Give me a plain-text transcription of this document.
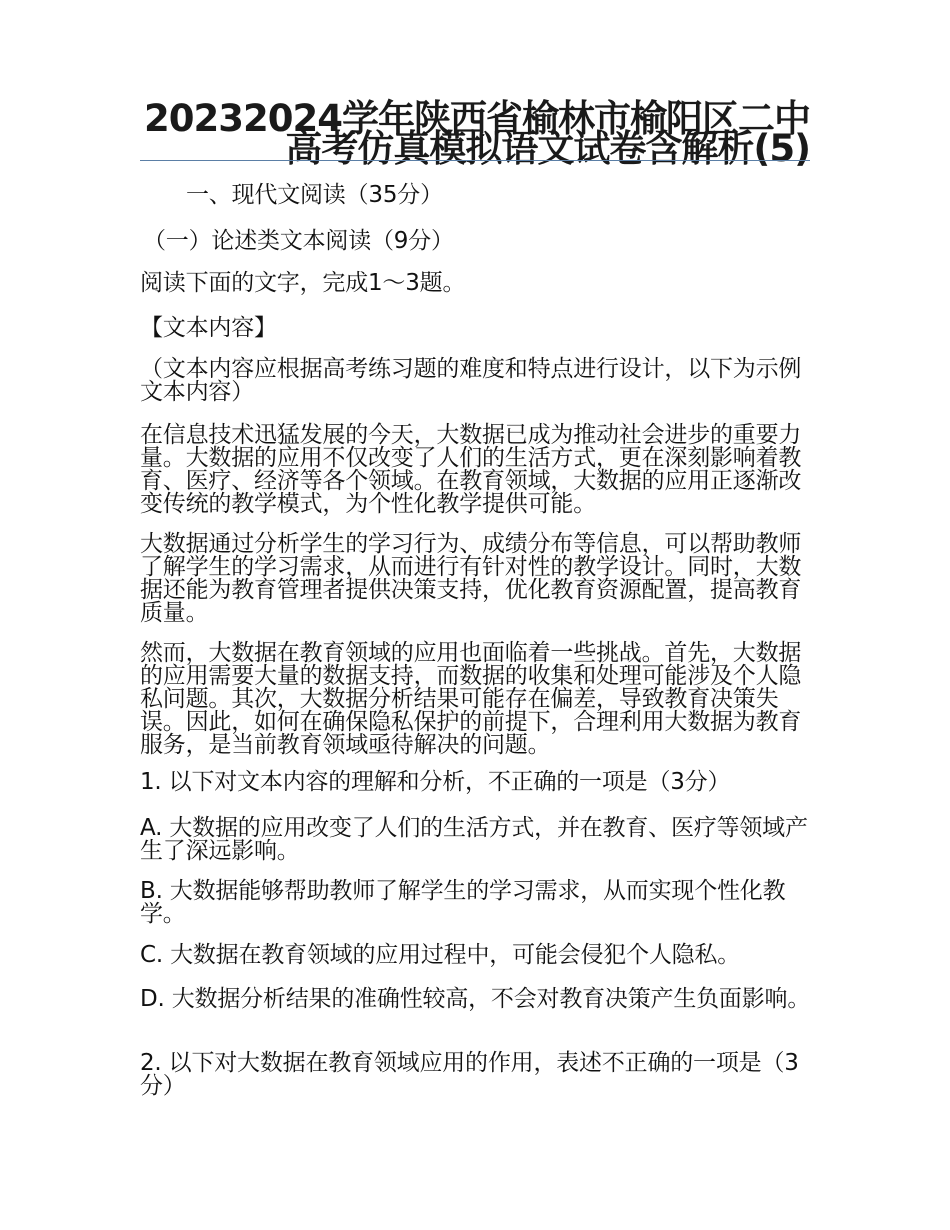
20232024学年陕西省榆林市榆阳区二中高考仿真模拟语文试卷含解析(5)

一、现代文阅读（35分）

（一）论述类文本阅读（9分）

阅读下面的文字，完成1～3题。

【文本内容】

（文本内容应根据高考练习题的难度和特点进行设计，以下为示例文本内容）

在信息技术迅猛发展的今天，大数据已成为推动社会进步的重要力量。大数据的应用不仅改变了人们的生活方式，更在深刻影响着教育、医疗、经济等各个领域。在教育领域，大数据的应用正逐渐改变传统的教学模式，为个性化教学提供可能。

大数据通过分析学生的学习行为、成绩分布等信息，可以帮助教师了解学生的学习需求，从而进行有针对性的教学设计。同时，大数据还能为教育管理者提供决策支持，优化教育资源配置，提高教育质量。

然而，大数据在教育领域的应用也面临着一些挑战。首先，大数据的应用需要大量的数据支持，而数据的收集和处理可能涉及个人隐私问题。其次，大数据分析结果可能存在偏差，导致教育决策失误。因此，如何在确保隐私保护的前提下，合理利用大数据为教育服务，是当前教育领域亟待解决的问题。

1. 以下对文本内容的理解和分析，不正确的一项是（3分）

A. 大数据的应用改变了人们的生活方式，并在教育、医疗等领域产生了深远影响。

B. 大数据能够帮助教师了解学生的学习需求，从而实现个性化教学。

C. 大数据在教育领域的应用过程中，可能会侵犯个人隐私。

D. 大数据分析结果的准确性较高，不会对教育决策产生负面影响。

2. 以下对大数据在教育领域应用的作用，表述不正确的一项是（3分）
